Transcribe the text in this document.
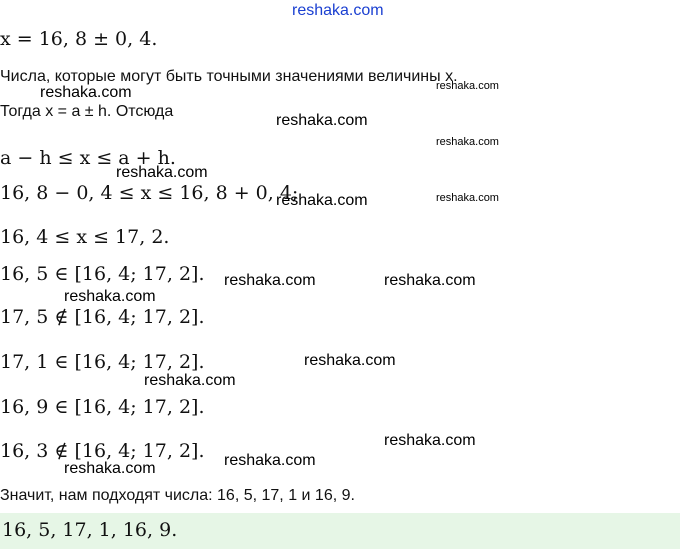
reshaka.com
x = 16, 8 ± 0, 4.
Числа, которые могут быть точными значениями величины x.
Тогда x = a ± h. Отсюда
a − h ≤ x ≤ a + h.
16, 8 − 0, 4 ≤ x ≤ 16, 8 + 0, 4;
16, 4 ≤ x ≤ 17, 2.
16, 5 ∈ [16, 4; 17, 2].
17, 5 ∉ [16, 4; 17, 2].
17, 1 ∈ [16, 4; 17, 2].
16, 9 ∈ [16, 4; 17, 2].
16, 3 ∉ [16, 4; 17, 2].
Значит, нам подходят числа: 16, 5, 17, 1 и 16, 9.
16, 5, 17, 1, 16, 9.
reshaka.com
reshaka.com
reshaka.com
reshaka.com
reshaka.com
reshaka.com	reshaka.com
reshaka.com	reshaka.com
reshaka.com
reshaka.com
reshaka.com
reshaka.com
reshaka.com
reshaka.com
